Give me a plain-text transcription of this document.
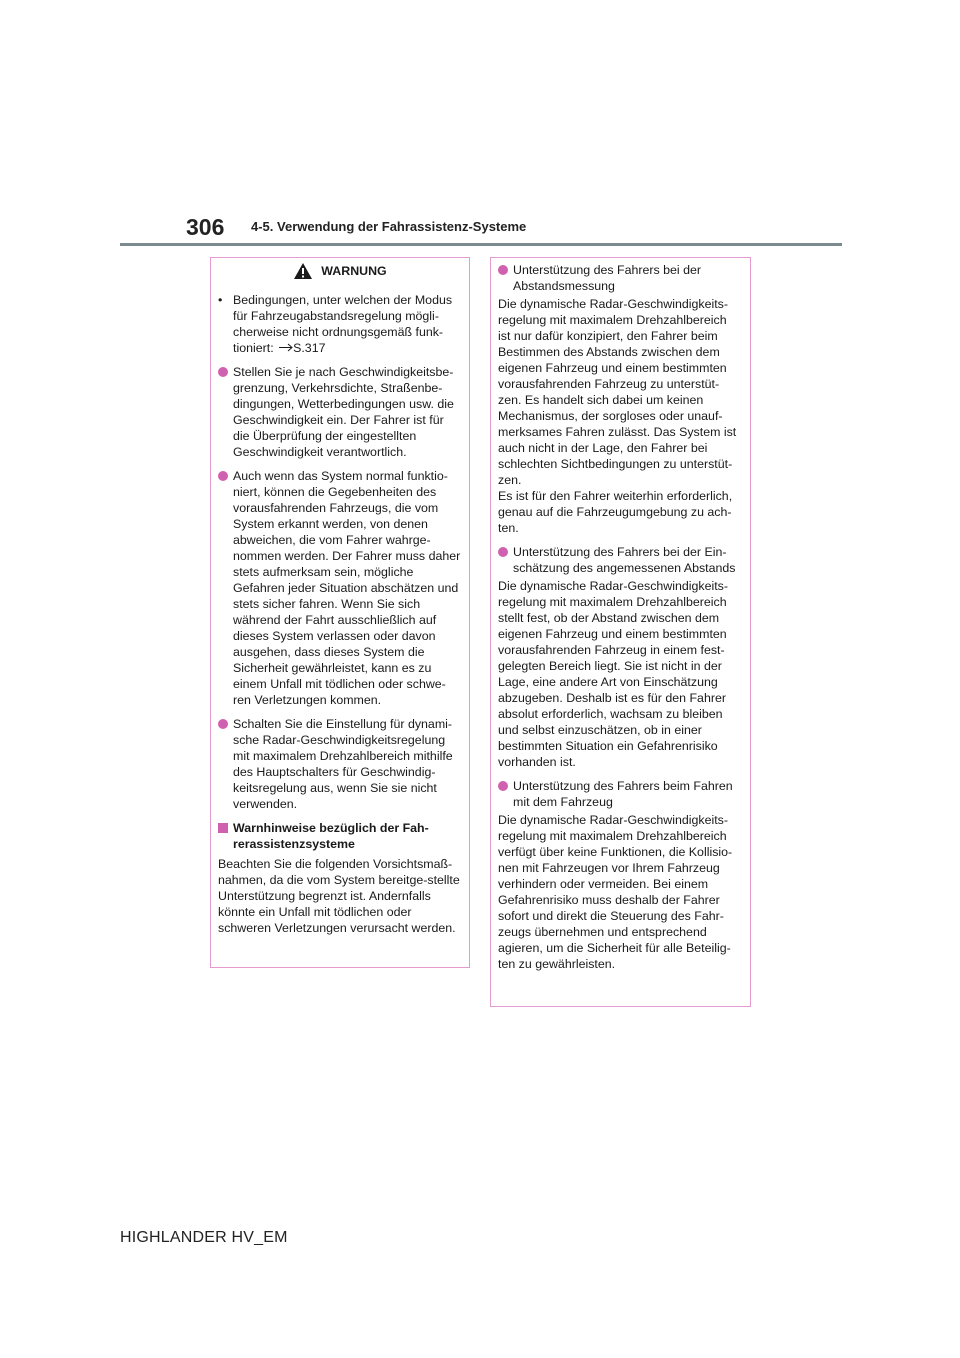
306 4-5. Verwendung der Fahrassistenz-Systeme
WARNUNG
• Bedingungen, unter welchen der Modus für Fahrzeugabstandsregelung mögli-cherweise nicht ordnungsgemäß funk-tioniert: S.317
Stellen Sie je nach Geschwindigkeitsbe-grenzung, Verkehrsdichte, Straßenbe-dingungen, Wetterbedingungen usw. die Geschwindigkeit ein. Der Fahrer ist für die Überprüfung der eingestellten Geschwindigkeit verantwortlich.
Auch wenn das System normal funktio-niert, können die Gegebenheiten des vorausfahrenden Fahrzeugs, die vom System erkannt werden, von denen abweichen, die vom Fahrer wahrge-nommen werden. Der Fahrer muss daher stets aufmerksam sein, mögliche Gefahren jeder Situation abschätzen und stets sicher fahren. Wenn Sie sich während der Fahrt ausschließlich auf dieses System verlassen oder davon ausgehen, dass dieses System die Sicherheit gewährleistet, kann es zu einem Unfall mit tödlichen oder schwe-ren Verletzungen kommen.
Schalten Sie die Einstellung für dynami-sche Radar-Geschwindigkeitsregelung mit maximalem Drehzahlbereich mithilfe des Hauptschalters für Geschwindig-keitsregelung aus, wenn Sie sie nicht verwenden.
Warnhinweise bezüglich der Fah-rerassistenzsysteme

Beachten Sie die folgenden Vorsichtsmaß-nahmen, da die vom System bereitge-stellte Unterstützung begrenzt ist. Andernfalls könnte ein Unfall mit tödlichen oder schweren Verletzungen verursacht werden.

Unterstützung des Fahrers bei der Abstandsmessung

Die dynamische Radar-Geschwindigkeits-regelung mit maximalem Drehzahlbereich ist nur dafür konzipiert, den Fahrer beim Bestimmen des Abstands zwischen dem eigenen Fahrzeug und einem bestimmten vorausfahrenden Fahrzeug zu unterstüt-zen. Es handelt sich dabei um keinen Mechanismus, der sorgloses oder unauf-merksames Fahren zulässt. Das System ist auch nicht in der Lage, den Fahrer bei schlechten Sichtbedingungen zu unterstüt-zen.

Es ist für den Fahrer weiterhin erforderlich, genau auf die Fahrzeugumgebung zu ach-ten.

Unterstützung des Fahrers bei der Ein-schätzung des angemessenen Abstands

Die dynamische Radar-Geschwindigkeits-regelung mit maximalem Drehzahlbereich stellt fest, ob der Abstand zwischen dem eigenen Fahrzeug und einem bestimmten vorausfahrenden Fahrzeug in einem fest-gelegten Bereich liegt. Sie ist nicht in der Lage, eine andere Art von Einschätzung abzugeben. Deshalb ist es für den Fahrer absolut erforderlich, wachsam zu bleiben und selbst einzuschätzen, ob in einer bestimmten Situation ein Gefahrenrisiko vorhanden ist.

Unterstützung des Fahrers beim Fahren mit dem Fahrzeug

Die dynamische Radar-Geschwindigkeits-regelung mit maximalem Drehzahlbereich verfügt über keine Funktionen, die Kollisio-nen mit Fahrzeugen vor Ihrem Fahrzeug verhindern oder vermeiden. Bei einem Gefahrenrisiko muss deshalb der Fahrer sofort und direkt die Steuerung des Fahr-zeugs übernehmen und entsprechend agieren, um die Sicherheit für alle Beteilig-ten zu gewährleisten.

HIGHLANDER HV_EM
